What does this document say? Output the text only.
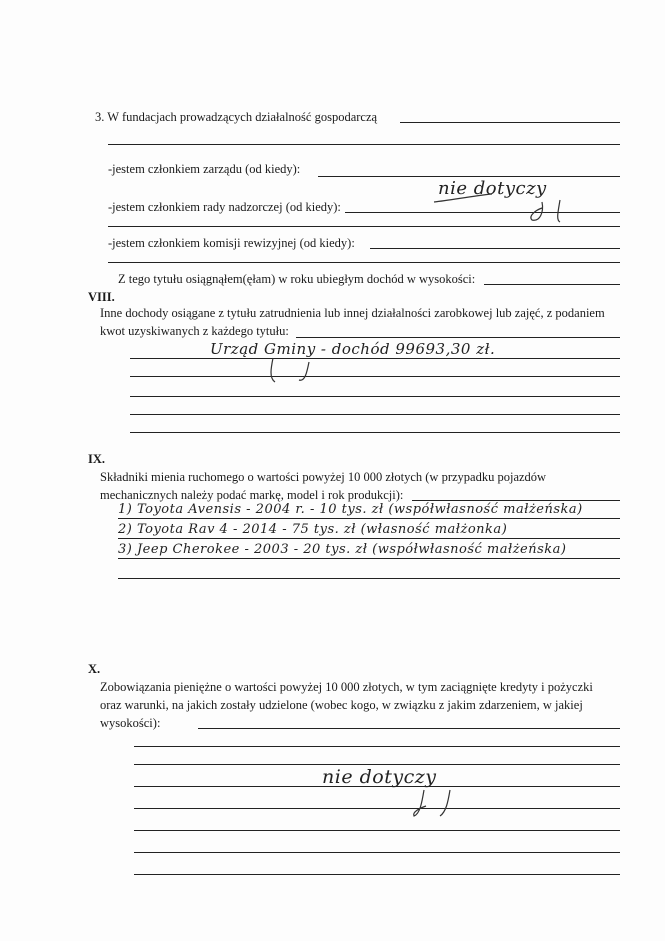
3. W fundacjach prowadzących działalność gospodarczą
-jestem członkiem zarządu (od kiedy):
-jestem członkiem rady nadzorczej (od kiedy):
-jestem członkiem komisji rewizyjnej (od kiedy):
Z tego tytułu osiągnąłem(ęłam) w roku ubiegłym dochód w wysokości:
nie dotyczy
VIII.
Inne dochody osiągane z tytułu zatrudnienia lub innej działalności zarobkowej lub zajęć, z podaniem
kwot uzyskiwanych z każdego tytułu:
Urząd Gminy - dochód 99693,30 zł.
IX.
Składniki mienia ruchomego o wartości powyżej 10 000 złotych (w przypadku pojazdów
mechanicznych należy podać markę, model i rok produkcji):
1) Toyota Avensis - 2004 r. - 10 tys. zł (współwłasność małżeńska)
2) Toyota Rav 4 - 2014 - 75 tys. zł (własność małżonka)
3) Jeep Cherokee - 2003 - 20 tys. zł (współwłasność małżeńska)
X.
Zobowiązania pieniężne o wartości powyżej 10 000 złotych, w tym zaciągnięte kredyty i pożyczki
oraz warunki, na jakich zostały udzielone (wobec kogo, w związku z jakim zdarzeniem, w jakiej
wysokości):
nie dotyczy
